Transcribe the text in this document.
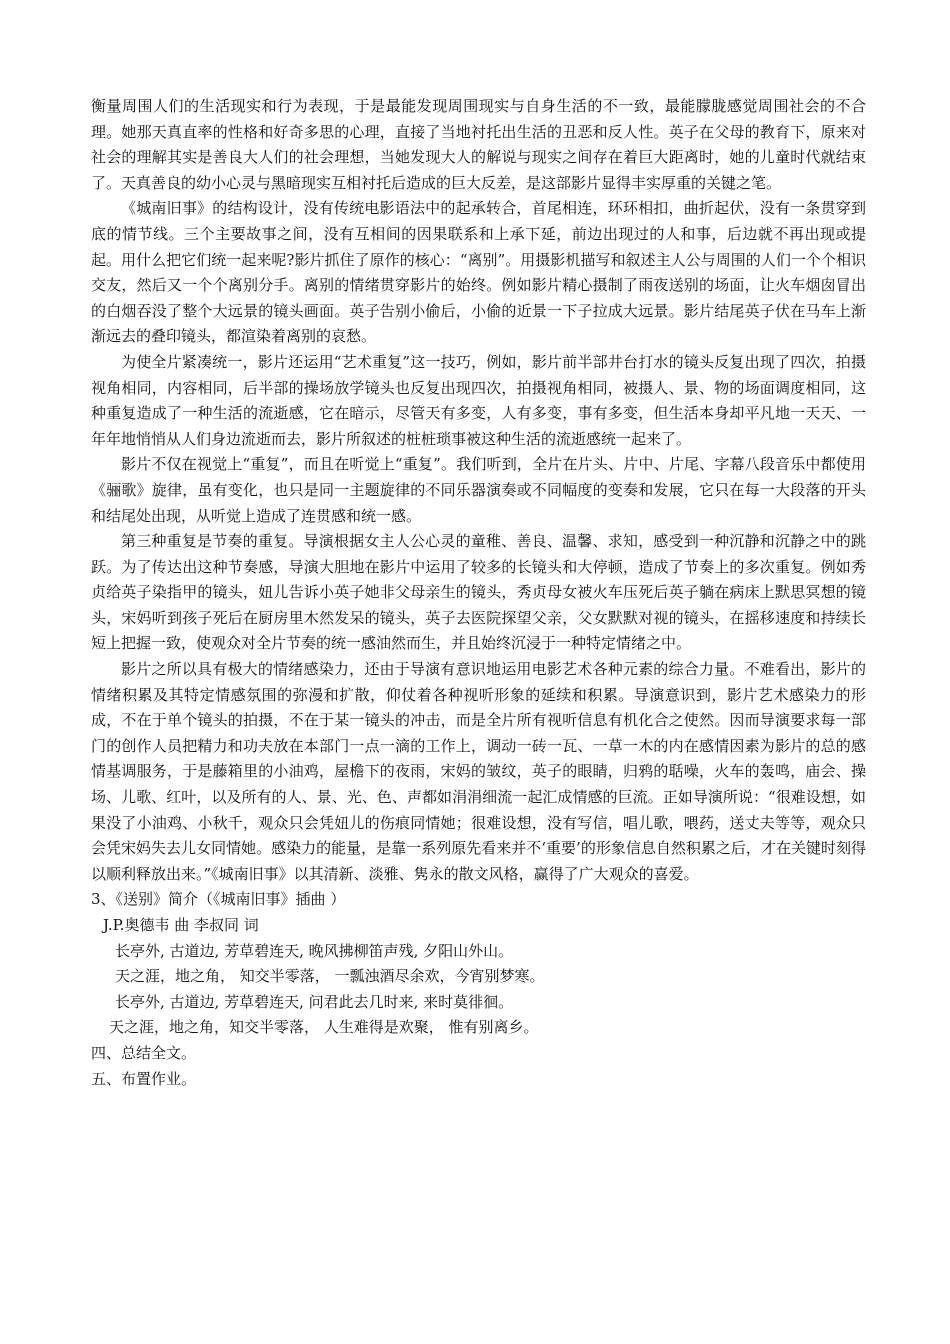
衡量周围人们的生活现实和行为表现，于是最能发现周围现实与自身生活的不一致，最能朦胧感觉周围社会的不合理。她那天真直率的性格和好奇多思的心理，直接了当地衬托出生活的丑恶和反人性。英子在父母的教育下，原来对社会的理解其实是善良大人们的社会理想，当她发现大人的解说与现实之间存在着巨大距离时，她的儿童时代就结束了。天真善良的幼小心灵与黑暗现实互相衬托后造成的巨大反差，是这部影片显得丰实厚重的关键之笔。

《城南旧事》的结构设计，没有传统电影语法中的起承转合，首尾相连，环环相扣，曲折起伏，没有一条贯穿到底的情节线。三个主要故事之间，没有互相间的因果联系和上承下延，前边出现过的人和事，后边就不再出现或提起。用什么把它们统一起来呢?影片抓住了原作的核心：“离别”。用摄影机描写和叙述主人公与周围的人们一个个相识交友，然后又一个个离别分手。离别的情绪贯穿影片的始终。例如影片精心摄制了雨夜送别的场面，让火车烟囱冒出的白烟吞没了整个大远景的镜头画面。英子告别小偷后，小偷的近景一下子拉成大远景。影片结尾英子伏在马车上渐渐远去的叠印镜头，都渲染着离别的哀愁。

为使全片紧凑统一，影片还运用“艺术重复”这一技巧，例如，影片前半部井台打水的镜头反复出现了四次，拍摄视角相同，内容相同，后半部的操场放学镜头也反复出现四次，拍摄视角相同，被摄人、景、物的场面调度相同，这种重复造成了一种生活的流逝感，它在暗示，尽管天有多变，人有多变，事有多变，但生活本身却平凡地一天天、一年年地悄悄从人们身边流逝而去，影片所叙述的桩桩琐事被这种生活的流逝感统一起来了。

影片不仅在视觉上“重复”，而且在听觉上“重复”。我们听到，全片在片头、片中、片尾、字幕八段音乐中都使用《骊歌》旋律，虽有变化，也只是同一主题旋律的不同乐器演奏或不同幅度的变奏和发展，它只在每一大段落的开头和结尾处出现，从听觉上造成了连贯感和统一感。

第三种重复是节奏的重复。导演根据女主人公心灵的童稚、善良、温馨、求知，感受到一种沉静和沉静之中的跳跃。为了传达出这种节奏感，导演大胆地在影片中运用了较多的长镜头和大停顿，造成了节奏上的多次重复。例如秀贞给英子染指甲的镜头，妞儿告诉小英子她非父母亲生的镜头，秀贞母女被火车压死后英子躺在病床上默思冥想的镜头，宋妈听到孩子死后在厨房里木然发呆的镜头，英子去医院探望父亲，父女默默对视的镜头，在摇移速度和持续长短上把握一致，使观众对全片节奏的统一感油然而生，并且始终沉浸于一种特定情绪之中。

影片之所以具有极大的情绪感染力，还由于导演有意识地运用电影艺术各种元素的综合力量。不难看出，影片的情绪积累及其特定情感氛围的弥漫和扩散，仰仗着各种视听形象的延续和积累。导演意识到，影片艺术感染力的形成，不在于单个镜头的拍摄，不在于某一镜头的冲击，而是全片所有视听信息有机化合之使然。因而导演要求每一部门的创作人员把精力和功夫放在本部门一点一滴的工作上，调动一砖一瓦、一草一木的内在感情因素为影片的总的感情基调服务，于是藤箱里的小油鸡，屋檐下的夜雨，宋妈的皱纹，英子的眼睛，归鸦的聒噪，火车的轰鸣，庙会、操场、儿歌、红叶，以及所有的人、景、光、色、声都如涓涓细流一起汇成情感的巨流。正如导演所说：“很难设想，如果没了小油鸡、小秋千，观众只会凭妞儿的伤痕同情她；很难设想，没有写信，唱儿歌，喂药，送丈夫等等，观众只会凭宋妈失去儿女同情她。感染力的能量，是靠一系列原先看来并不‘重要’的形象信息自然积累之后，才在关键时刻得以顺利释放出来。”《城南旧事》以其清新、淡雅、隽永的散文风格，赢得了广大观众的喜爱。

3、《送别》简介（《城南旧事》插曲 ）

J.P.奥德韦 曲 李叔同 词

长亭外, 古道边, 芳草碧连天, 晚风拂柳笛声残, 夕阳山外山。

天之涯，地之角， 知交半零落， 一瓢浊酒尽余欢，今宵别梦寒。

长亭外, 古道边, 芳草碧连天, 问君此去几时来, 来时莫徘徊。

天之涯，地之角，知交半零落， 人生难得是欢聚， 惟有别离乡。

四、总结全文。

五、布置作业。
